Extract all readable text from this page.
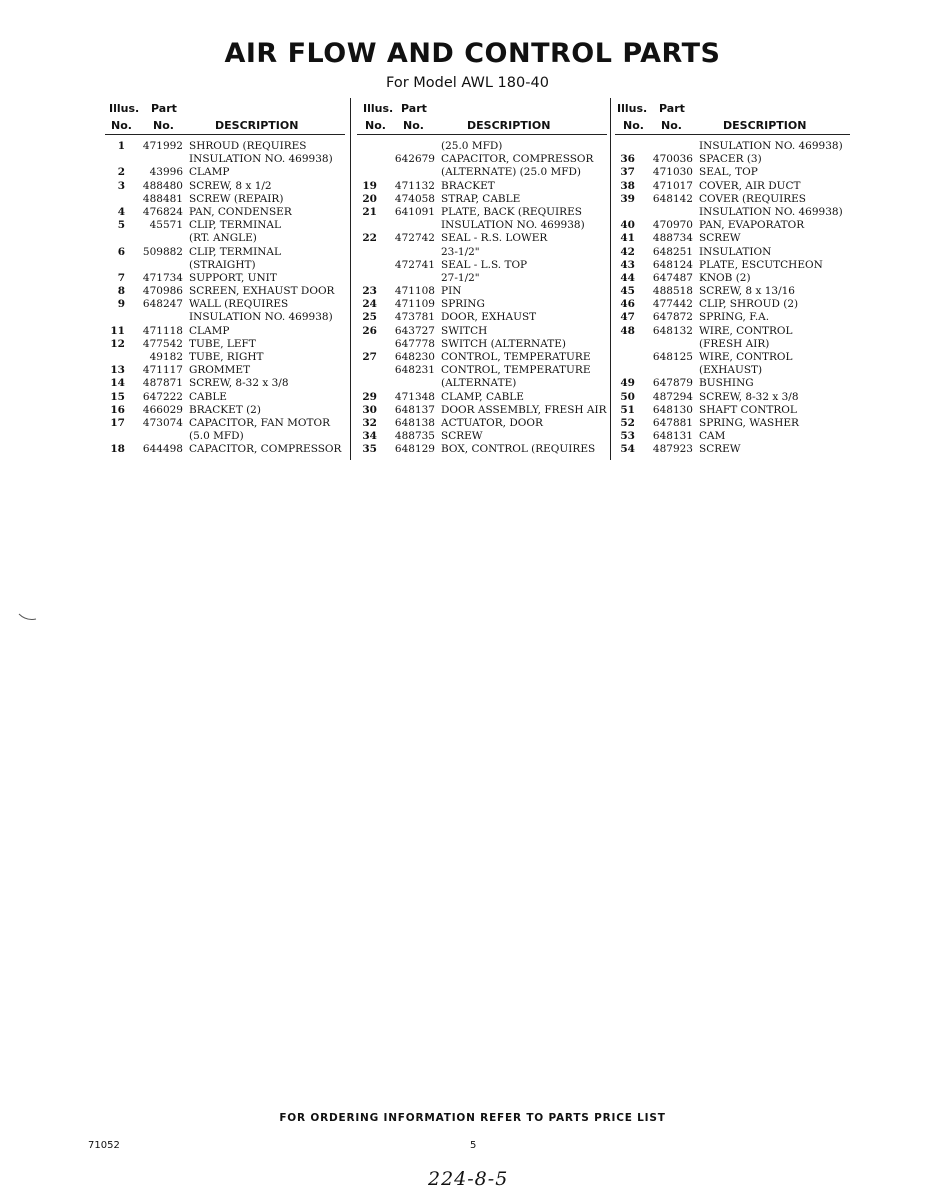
AIR FLOW AND CONTROL PARTS
For Model AWL 180-40
Illus. Part
No. No.	DESCRIPTION
1	471992 SHROUD (REQUIRES
INSULATION NO. 469938)
2	43996 CLAMP
3	488480 SCREW, 8 x 1/2
488481 SCREW (REPAIR)
4	476824 PAN, CONDENSER
5	45571 CLIP, TERMINAL
(RT. ANGLE)
6	509882 CLIP, TERMINAL
(STRAIGHT)
7	471734 SUPPORT, UNIT
8	470986 SCREEN, EXHAUST DOOR
9	648247 WALL (REQUIRES
INSULATION NO. 469938)
11	471118 CLAMP
12	477542 TUBE, LEFT
49182 TUBE, RIGHT
13	471117 GROMMET
14	487871 SCREW, 8-32 x 3/8
15	647222 CABLE
16	466029 BRACKET (2)
17	473074 CAPACITOR, FAN MOTOR
(5.0 MFD)
18	644498 CAPACITOR, COMPRESSOR
Illus. Part
No. No.	DESCRIPTION
(25.0 MFD)
642679 CAPACITOR, COMPRESSOR
(ALTERNATE) (25.0 MFD)
19	471132 BRACKET
20	474058 STRAP, CABLE
21	641091 PLATE, BACK (REQUIRES
INSULATION NO. 469938)
22	472742 SEAL - R.S. LOWER
23-1/2"
472741 SEAL - L.S. TOP
27-1/2"
23	471108 PIN
24	471109 SPRING
25	473781 DOOR, EXHAUST
26	643727 SWITCH
647778 SWITCH (ALTERNATE)
27	648230 CONTROL, TEMPERATURE
648231 CONTROL, TEMPERATURE
(ALTERNATE)
29	471348 CLAMP, CABLE
30	648137 DOOR ASSEMBLY, FRESH AIR
32	648138 ACTUATOR, DOOR
34	488735 SCREW
35	648129 BOX, CONTROL (REQUIRES
Illus. Part
No. No.	DESCRIPTION
INSULATION NO. 469938)
36	470036 SPACER (3)
37	471030 SEAL, TOP
38	471017 COVER, AIR DUCT
39	648142 COVER (REQUIRES
INSULATION NO. 469938)
40	470970 PAN, EVAPORATOR
41	488734 SCREW
42	648251 INSULATION
43	648124 PLATE, ESCUTCHEON
44	647487 KNOB (2)
45	488518 SCREW, 8 x 13/16
46	477442 CLIP, SHROUD (2)
47	647872 SPRING, F.A.
48	648132 WIRE, CONTROL
(FRESH AIR)
648125 WIRE, CONTROL
(EXHAUST)
49	647879 BUSHING
50	487294 SCREW, 8-32 x 3/8
51	648130 SHAFT CONTROL
52	647881 SPRING, WASHER
53	648131 CAM
54	487923 SCREW
FOR ORDERING INFORMATION REFER TO PARTS PRICE LIST
71052	5
224-8-5
